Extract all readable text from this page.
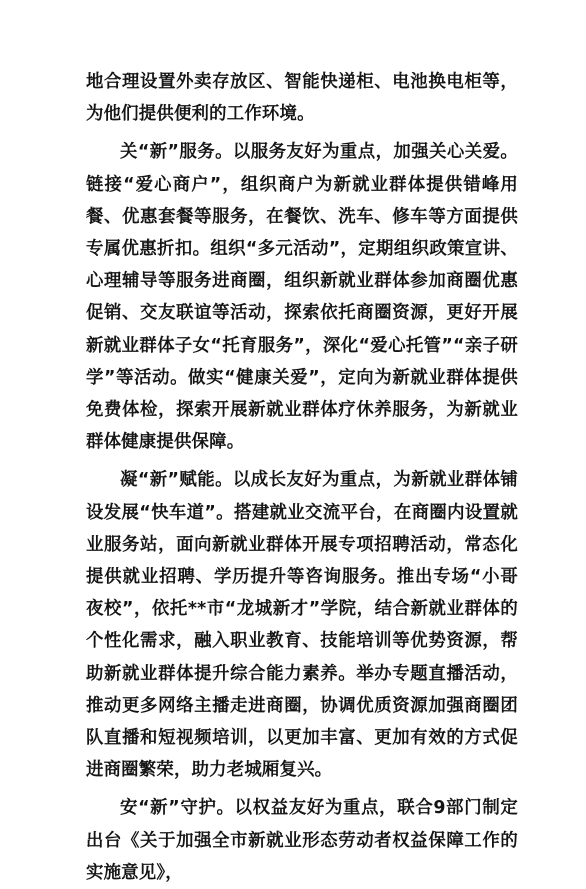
地合理设置外卖存放区、智能快递柜、电池换电柜等，为他们提供便利的工作环境。

关“新”服务。以服务友好为重点，加强关心关爱。链接“爱心商户”，组织商户为新就业群体提供错峰用餐、优惠套餐等服务，在餐饮、洗车、修车等方面提供专属优惠折扣。组织“多元活动”，定期组织政策宣讲、心理辅导等服务进商圈，组织新就业群体参加商圈优惠促销、交友联谊等活动，探索依托商圈资源，更好开展新就业群体子女“托育服务”，深化“爱心托管”“亲子研学”等活动。做实“健康关爱”，定向为新就业群体提供免费体检，探索开展新就业群体疗休养服务，为新就业群体健康提供保障。

凝“新”赋能。以成长友好为重点，为新就业群体铺设发展“快车道”。搭建就业交流平台，在商圈内设置就业服务站，面向新就业群体开展专项招聘活动，常态化提供就业招聘、学历提升等咨询服务。推出专场“小哥夜校”，依托**市“龙城新才”学院，结合新就业群体的个性化需求，融入职业教育、技能培训等优势资源，帮助新就业群体提升综合能力素养。举办专题直播活动，推动更多网络主播走进商圈，协调优质资源加强商圈团队直播和短视频培训，以更加丰富、更加有效的方式促进商圈繁荣，助力老城厢复兴。

安“新”守护。以权益友好为重点，联合9部门制定出台《关于加强全市新就业形态劳动者权益保障工作的实施意见》，
